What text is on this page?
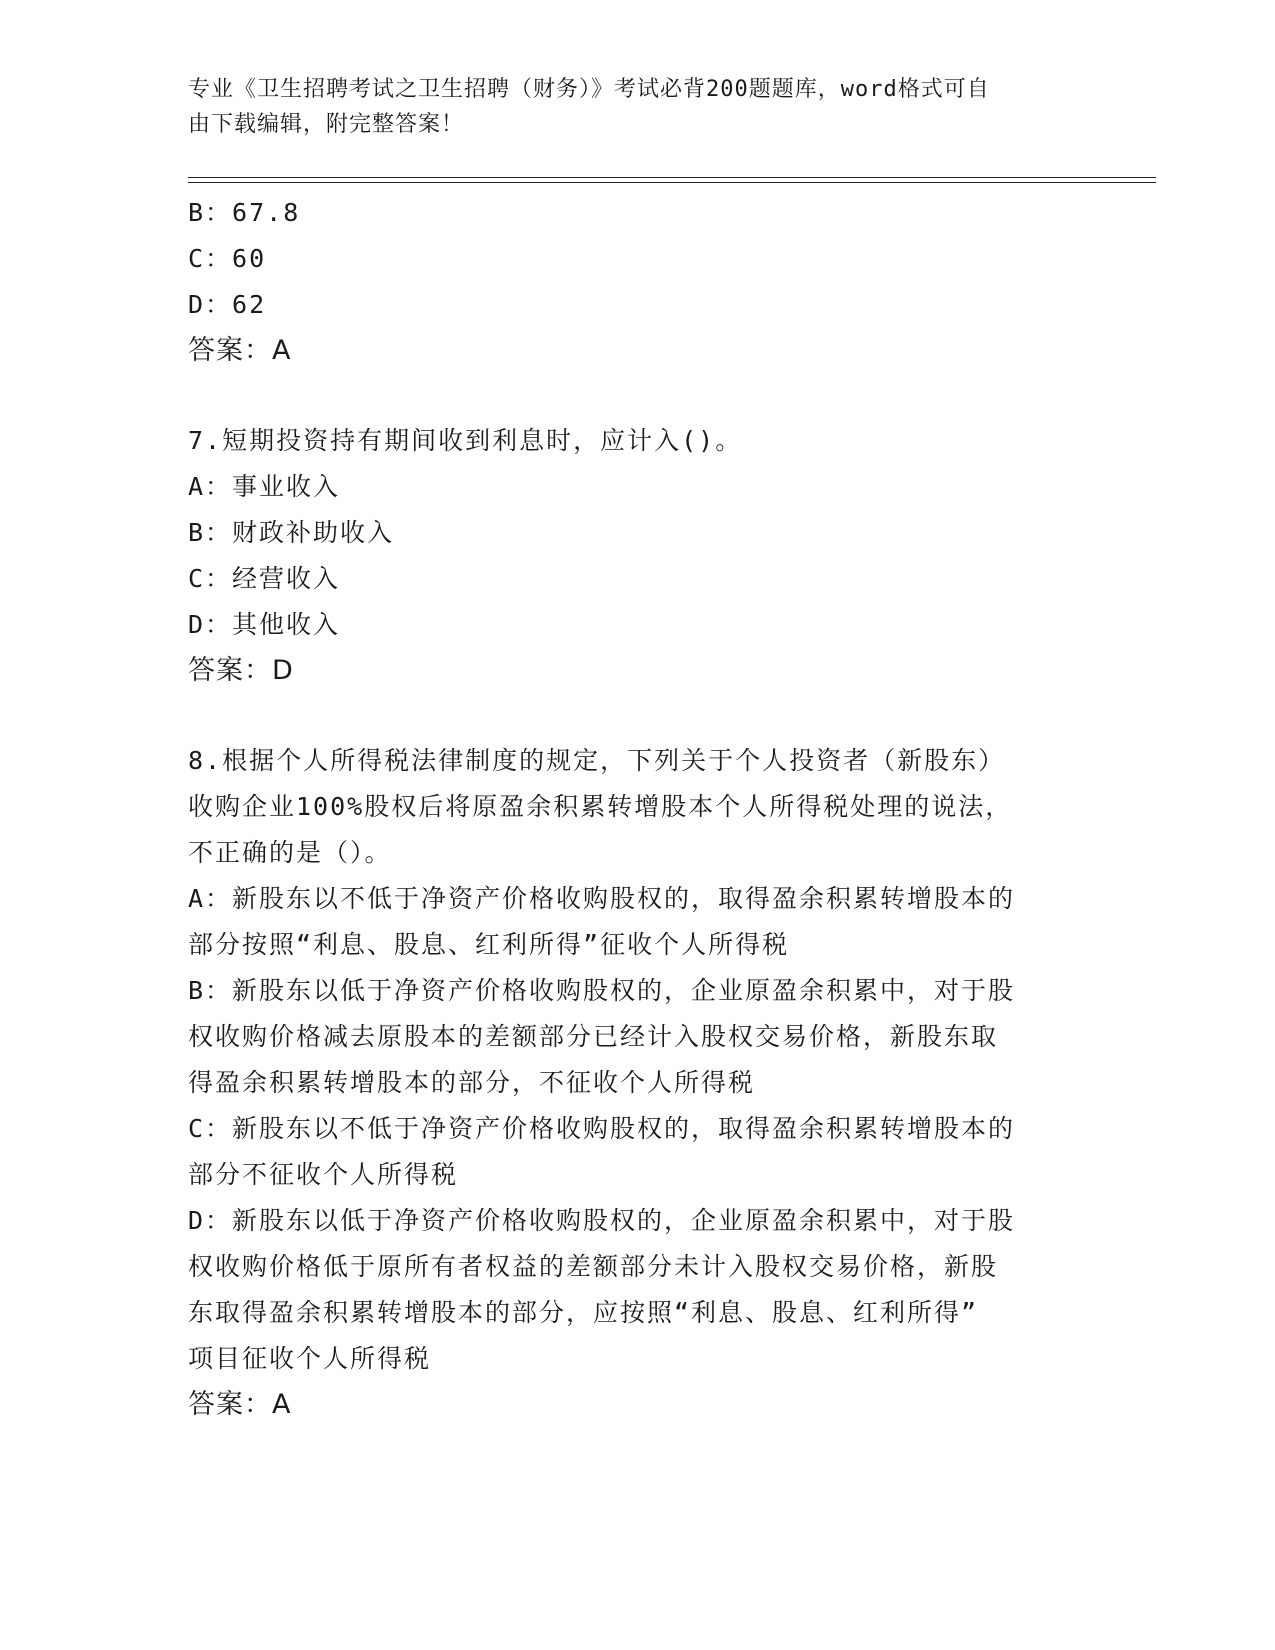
专业《卫生招聘考试之卫生招聘（财务）》考试必背200题题库，word格式可自
由下载编辑，附完整答案！
B：67.8
C：60
D：62
答案：A
7.短期投资持有期间收到利息时，应计入()。
A：事业收入
B：财政补助收入
C：经营收入
D：其他收入
答案：D
8.根据个人所得税法律制度的规定，下列关于个人投资者（新股东）
收购企业100%股权后将原盈余积累转增股本个人所得税处理的说法，
不正确的是（）。
A：新股东以不低于净资产价格收购股权的，取得盈余积累转增股本的
部分按照“利息、股息、红利所得”征收个人所得税
B：新股东以低于净资产价格收购股权的，企业原盈余积累中，对于股
权收购价格减去原股本的差额部分已经计入股权交易价格，新股东取
得盈余积累转增股本的部分，不征收个人所得税
C：新股东以不低于净资产价格收购股权的，取得盈余积累转增股本的
部分不征收个人所得税
D：新股东以低于净资产价格收购股权的，企业原盈余积累中，对于股
权收购价格低于原所有者权益的差额部分未计入股权交易价格，新股
东取得盈余积累转增股本的部分，应按照“利息、股息、红利所得”
项目征收个人所得税
答案：A
